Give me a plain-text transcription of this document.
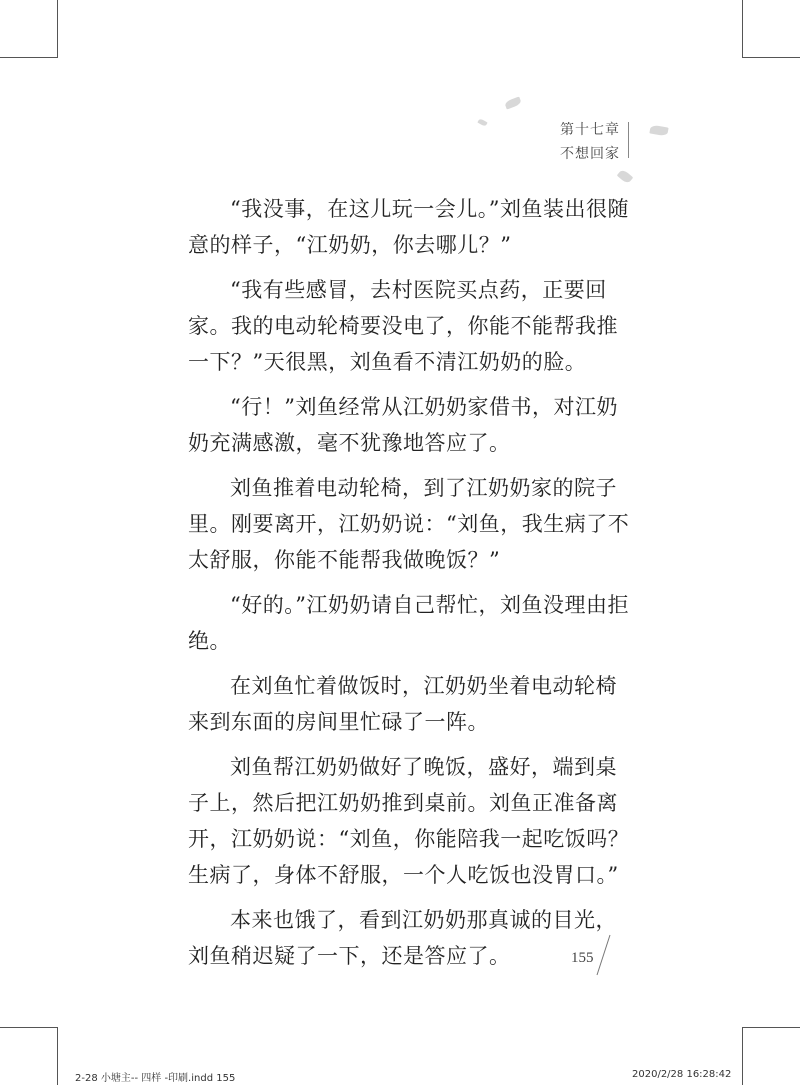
第十七章
不想回家

“我没事，在这儿玩一会儿。”刘鱼装出很随意的样子，“江奶奶，你去哪儿？”

“我有些感冒，去村医院买点药，正要回家。我的电动轮椅要没电了，你能不能帮我推一下？”天很黑，刘鱼看不清江奶奶的脸。

“行！”刘鱼经常从江奶奶家借书，对江奶奶充满感激，毫不犹豫地答应了。

刘鱼推着电动轮椅，到了江奶奶家的院子里。刚要离开，江奶奶说：“刘鱼，我生病了不太舒服，你能不能帮我做晚饭？”

“好的。”江奶奶请自己帮忙，刘鱼没理由拒绝。

在刘鱼忙着做饭时，江奶奶坐着电动轮椅来到东面的房间里忙碌了一阵。

刘鱼帮江奶奶做好了晚饭，盛好，端到桌子上，然后把江奶奶推到桌前。刘鱼正准备离开，江奶奶说：“刘鱼，你能陪我一起吃饭吗？生病了，身体不舒服，一个人吃饭也没胃口。”

本来也饿了，看到江奶奶那真诚的目光，刘鱼稍迟疑了一下，还是答应了。	155
2-28 小塘主-- 四样 -印刷.indd 155	2020/2/28 16:28:42
